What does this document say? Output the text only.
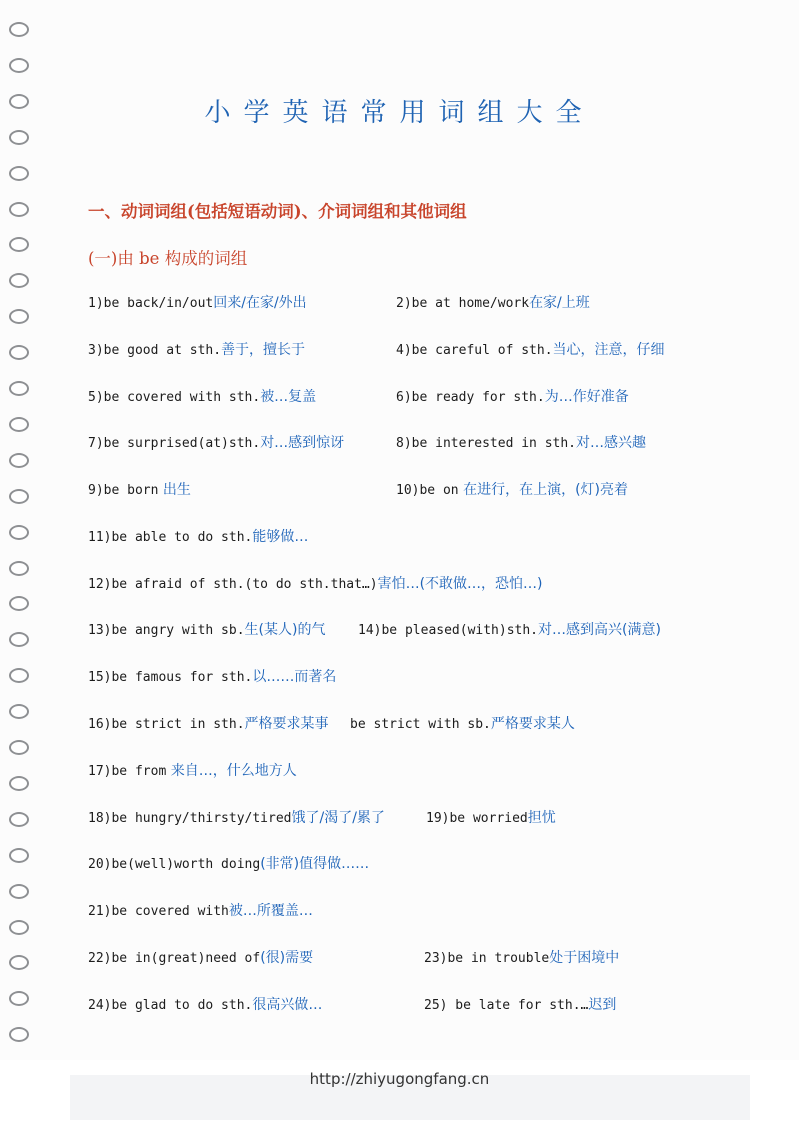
小学英语常用词组大全
一、动词词组(包括短语动词)、介词词组和其他词组
(一)由 be 构成的词组
1)be back/in/out回来/在家/外出	2)be at home/work在家/上班
3)be good at sth.善于，擅长于	4)be careful of sth.当心，注意，仔细
5)be covered with sth.被…复盖	6)be ready for sth.为…作好准备
7)be surprised(at)sth.对…感到惊讶	8)be interested in sth.对…感兴趣
9)be born 出生	10)be on 在进行，在上演，(灯)亮着
11)be able to do sth.能够做…
12)be afraid of sth.(to do sth.that…)害怕…(不敢做…，恐怕…)
13)be angry with sb.生(某人)的气	14)be pleased(with)sth.对…感到高兴(满意)
15)be famous for sth.以……而著名
16)be strict in sth.严格要求某事 be strict with sb.严格要求某人
17)be from 来自…，什么地方人
18)be hungry/thirsty/tired饿了/渴了/累了	19)be worried担忧
20)be(well)worth doing(非常)值得做……
21)be covered with被…所覆盖…
22)be in(great)need of(很)需要	23)be in trouble处于困境中
24)be glad to do sth.很高兴做…	25) be late for sth.…迟到
http://zhiyugongfang.cn
